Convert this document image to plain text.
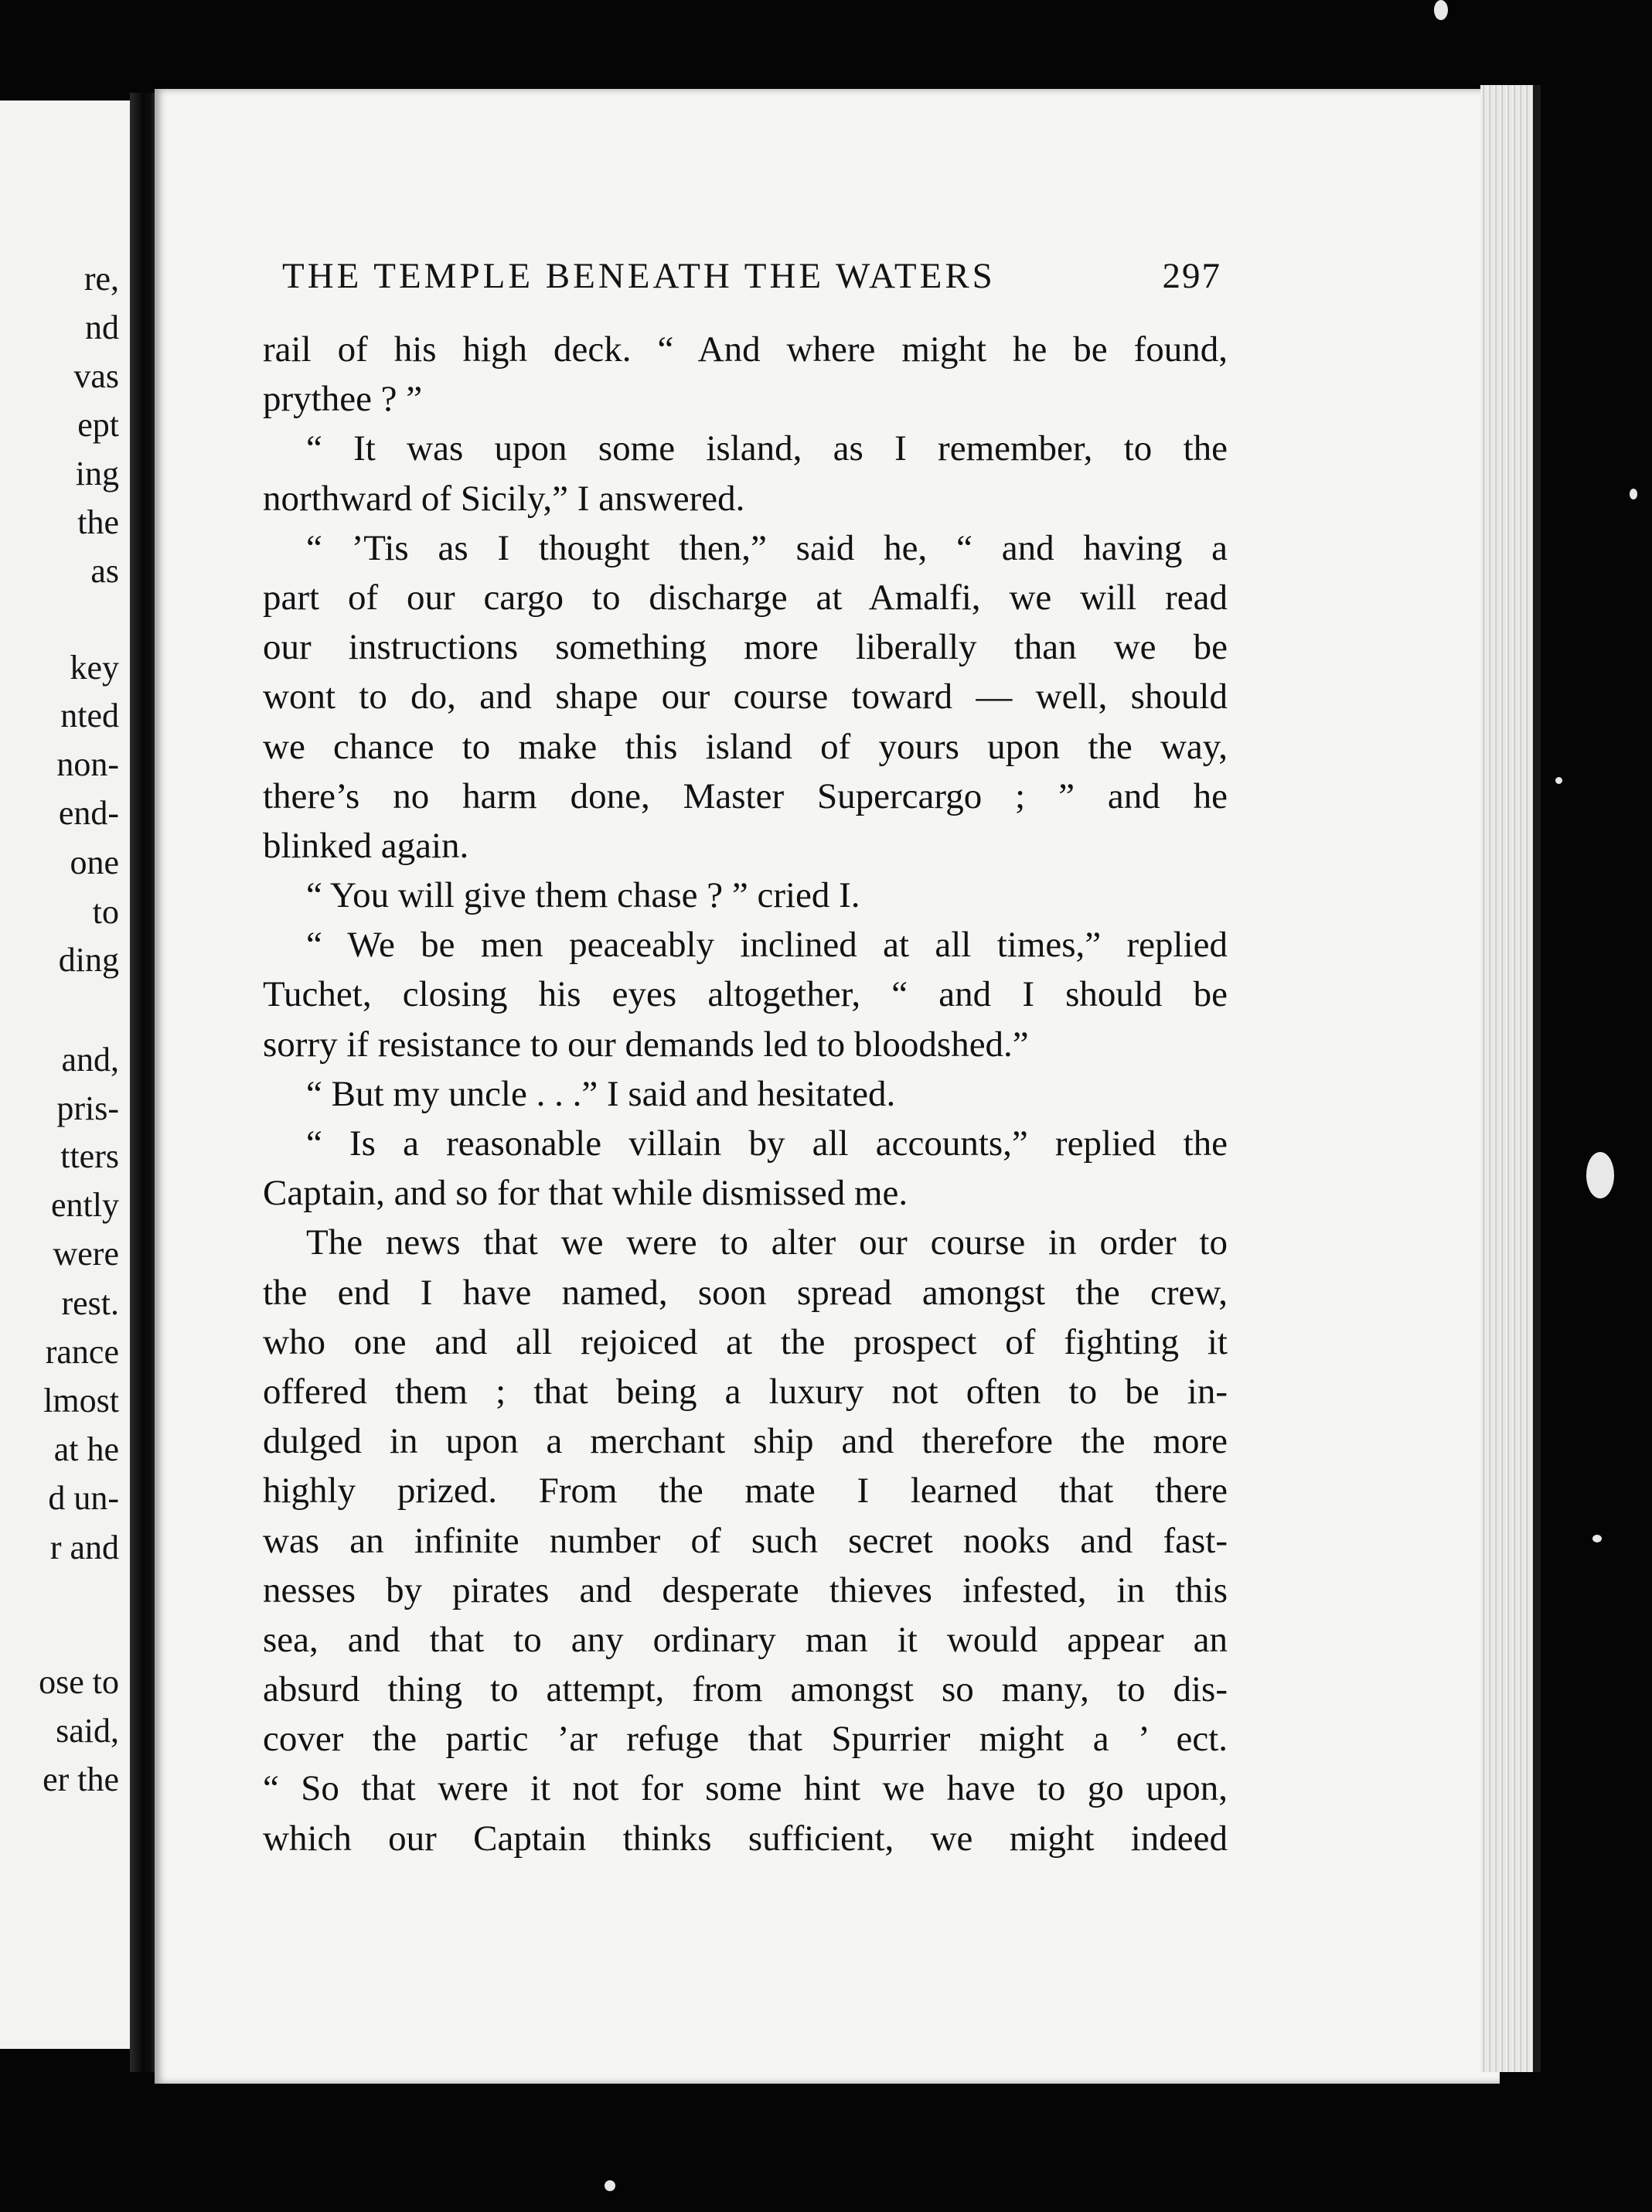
re,
nd
vas
ept
ing
the
as
key
nted
non-
end-
one
to
ding
and,
pris-
tters
ently
were
rest.
rance
lmost
at he
d un-
r and
ose to
said,
er the
THE TEMPLE BENEATH THE WATERS	297
rail of his high deck. “ And where might he be found,
prythee ? ”
“ It was upon some island, as I remember, to the
northward of Sicily,” I answered.
“ ’Tis as I thought then,” said he, “ and having a
part of our cargo to discharge at Amalfi, we will read
our instructions something more liberally than we be
wont to do, and shape our course toward — well, should
we chance to make this island of yours upon the way,
there’s no harm done, Master Supercargo ; ” and he
blinked again.
“ You will give them chase ? ” cried I.
“ We be men peaceably inclined at all times,” replied
Tuchet, closing his eyes altogether, “ and I should be
sorry if resistance to our demands led to bloodshed.”
“ But my uncle . . .” I said and hesitated.
“ Is a reasonable villain by all accounts,” replied the
Captain, and so for that while dismissed me.
The news that we were to alter our course in order to
the end I have named, soon spread amongst the crew,
who one and all rejoiced at the prospect of fighting it
offered them ; that being a luxury not often to be in-
dulged in upon a merchant ship and therefore the more
highly prized. From the mate I learned that there
was an infinite number of such secret nooks and fast-
nesses by pirates and desperate thieves infested, in this
sea, and that to any ordinary man it would appear an
absurd thing to attempt, from amongst so many, to dis-
cover the partic ’ar refuge that Spurrier might a ’ ect.
“ So that were it not for some hint we have to go upon,
which our Captain thinks sufficient, we might indeed
